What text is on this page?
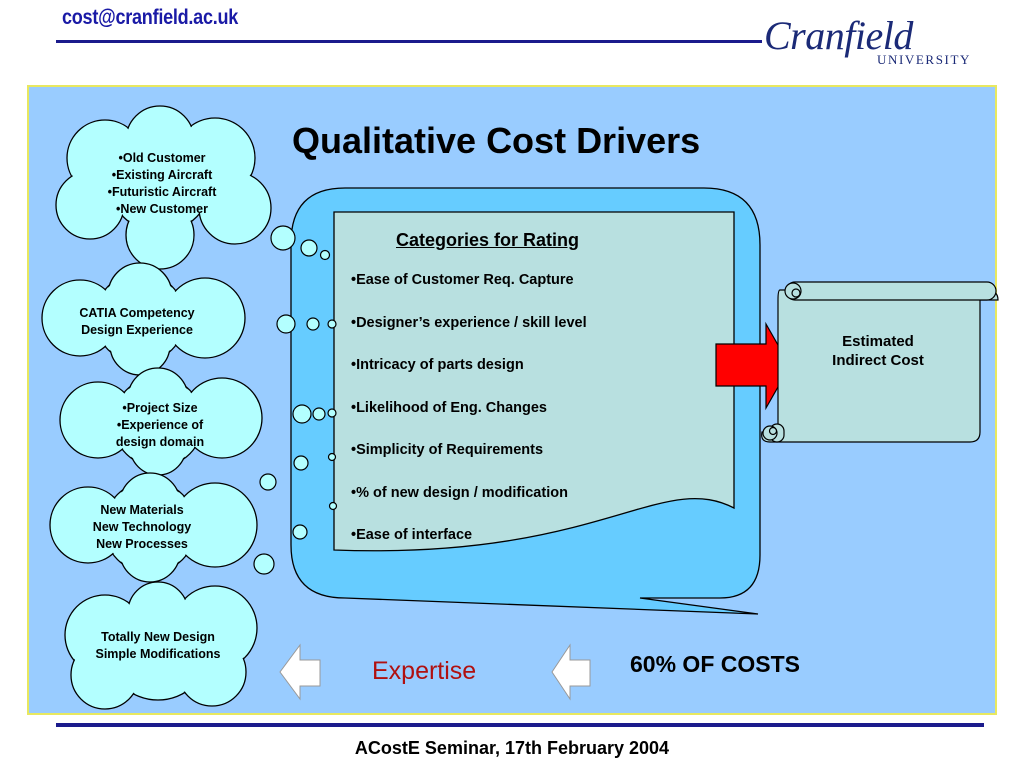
cost@cranfield.ac.uk	Cranfield
UNIVERSITY
Qualitative Cost Drivers
•Old Customer
•Existing Aircraft
•Futuristic Aircraft
•New Customer
CATIA Competency
Design Experience
•Project Size
•Experience of
design domain
New Materials
New Technology
New Processes
Totally New Design
Simple Modifications
Categories for Rating
•Ease of Customer Req. Capture
•Designer’s experience / skill level
•Intricacy of parts design
•Likelihood of Eng. Changes
•Simplicity of Requirements
•% of new design / modification
•Ease of interface
Estimated
Indirect Cost
Expertise	60% OF COSTS
ACostE Seminar, 17th February 2004
